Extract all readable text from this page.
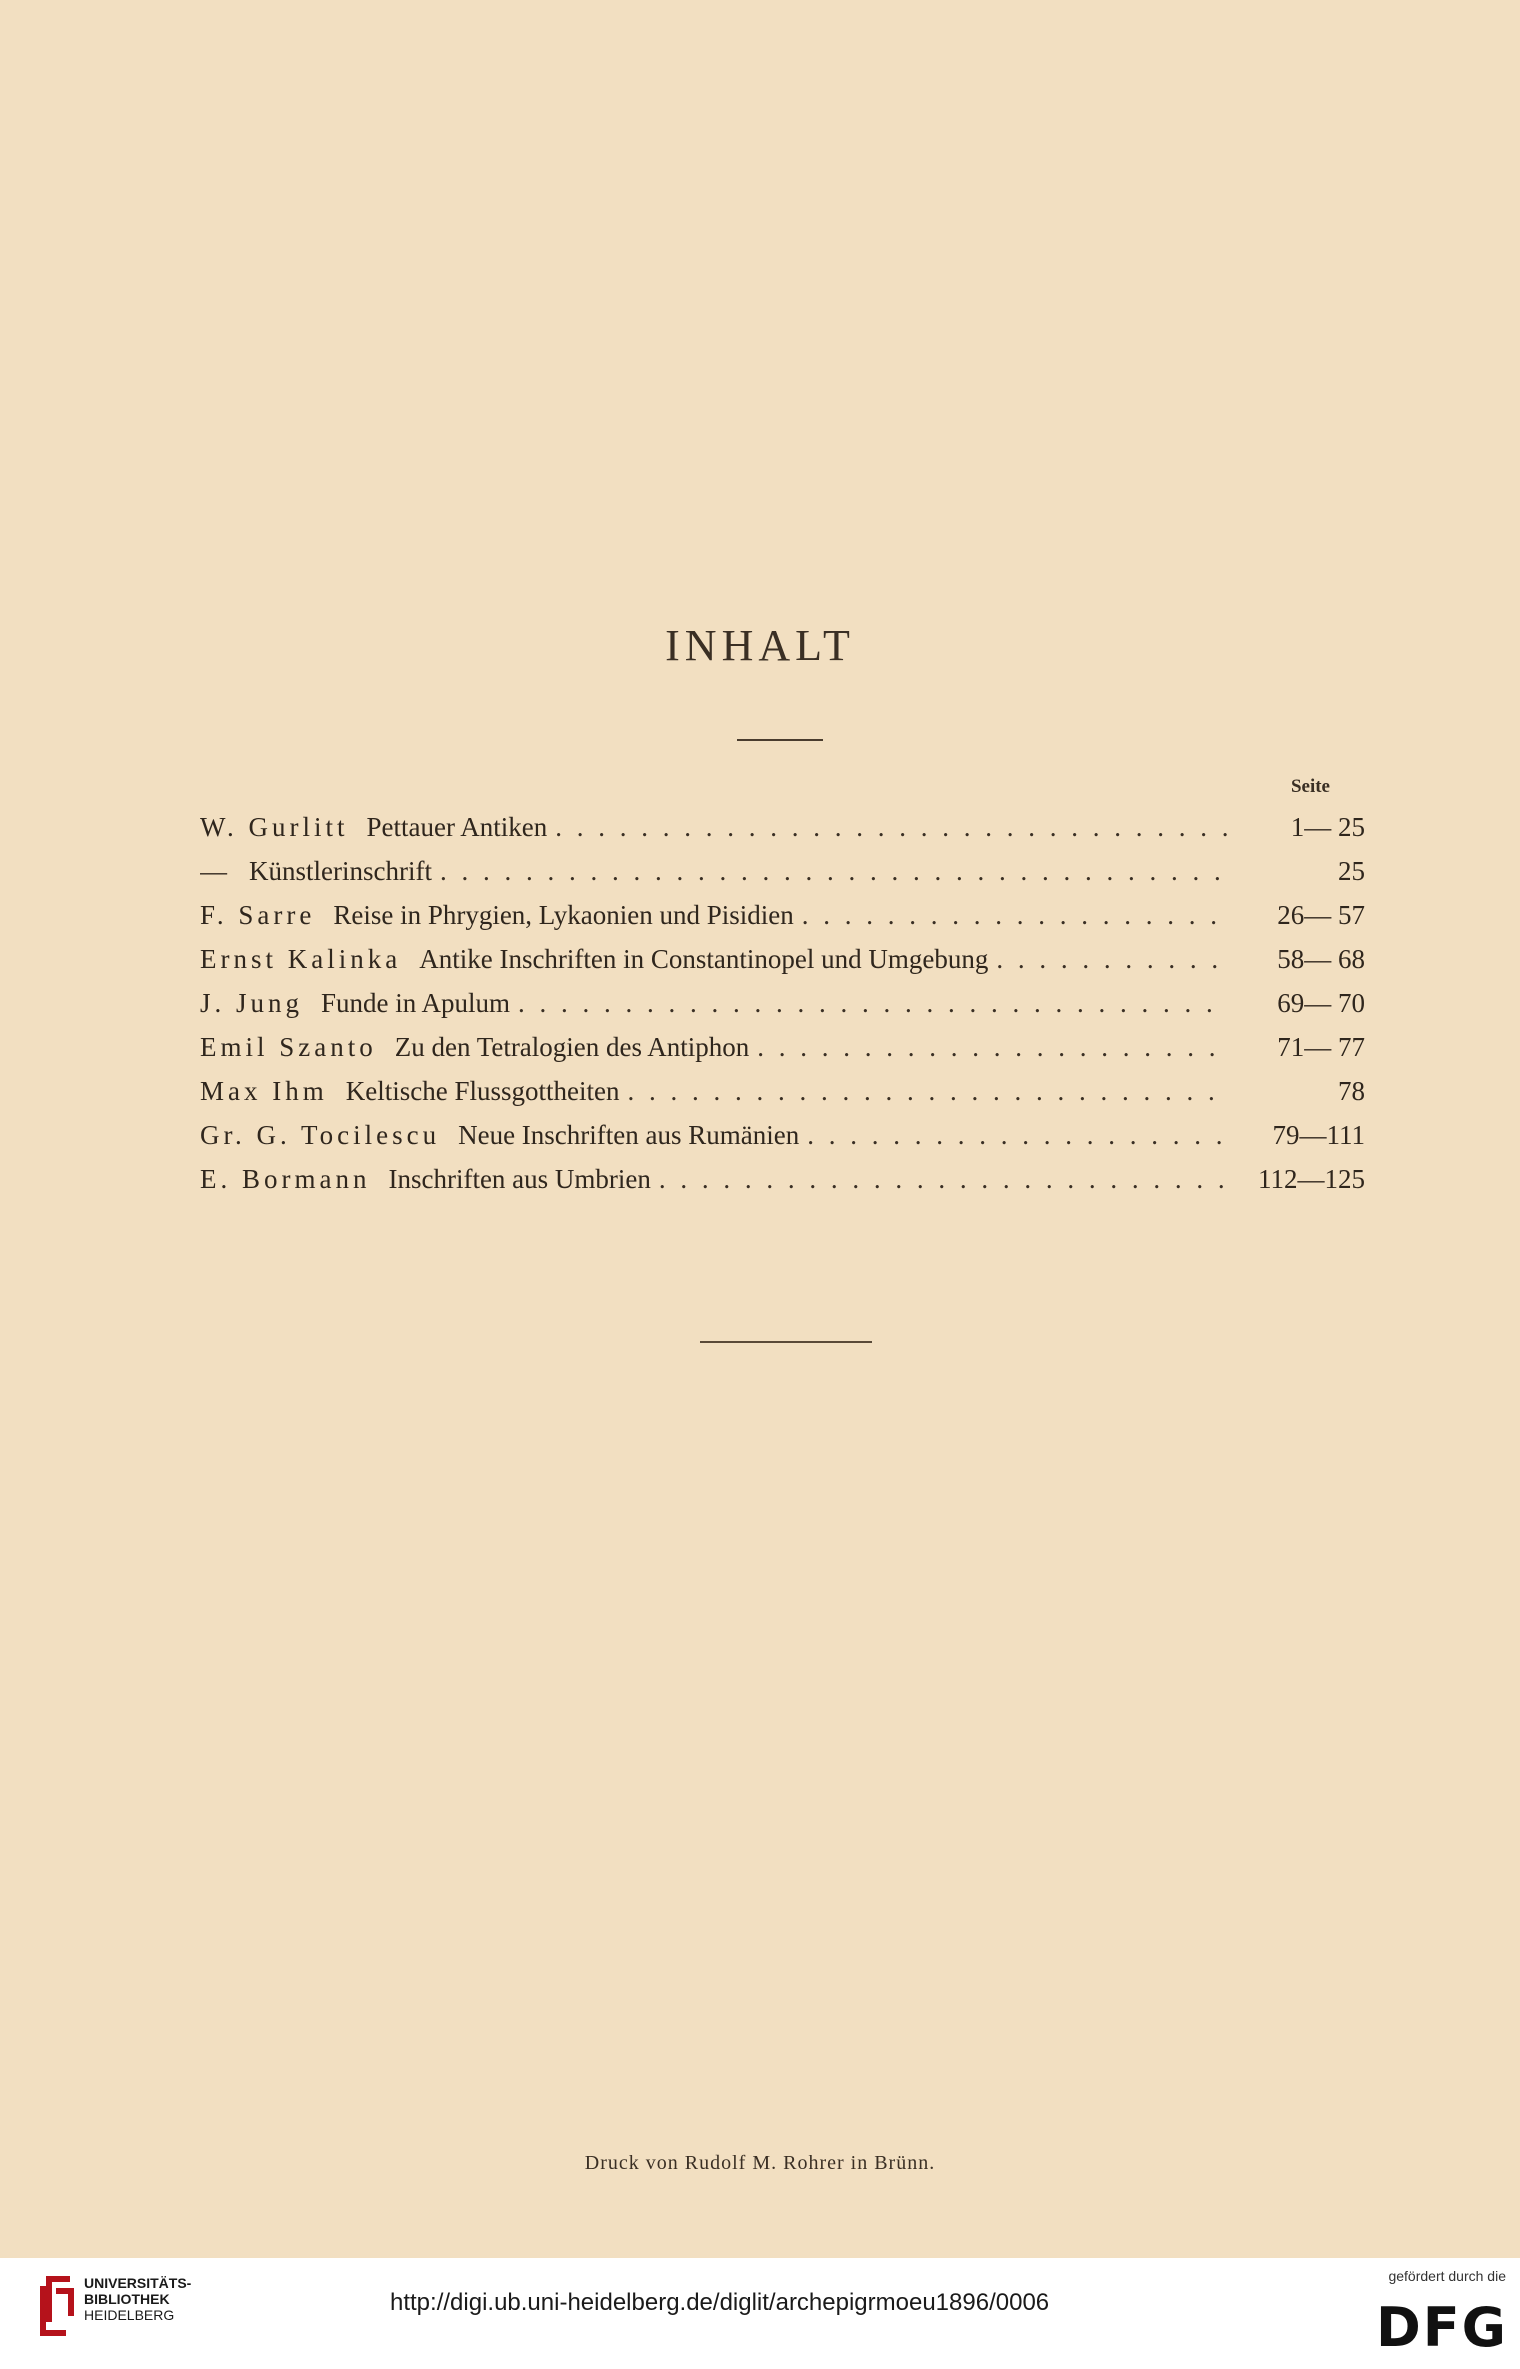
INHALT
Seite
W. Gurlitt Pettauer Antiken . . .	1— 25
— Künstlerinschrift . . .	25
F. Sarre Reise in Phrygien, Lykaonien und Pisidien . . .	26— 57
Ernst Kalinka Antike Inschriften in Constantinopel und Umgebung . . .	58— 68
J. Jung Funde in Apulum . . .	69— 70
Emil Szanto Zu den Tetralogien des Antiphon . . .	71— 77
Max Ihm Keltische Flussgottheiten . . .	78
Gr. G. Tocilescu Neue Inschriften aus Rumänien . . .	79—111
E. Bormann Inschriften aus Umbrien . . .	112—125
Druck von Rudolf M. Rohrer in Brünn.
UNIVERSITÄTS-
BIBLIOTHEK
HEIDELBERG	http://digi.ub.uni-heidelberg.de/diglit/archepigrmoeu1896/0006
gefördert durch die
DFG
